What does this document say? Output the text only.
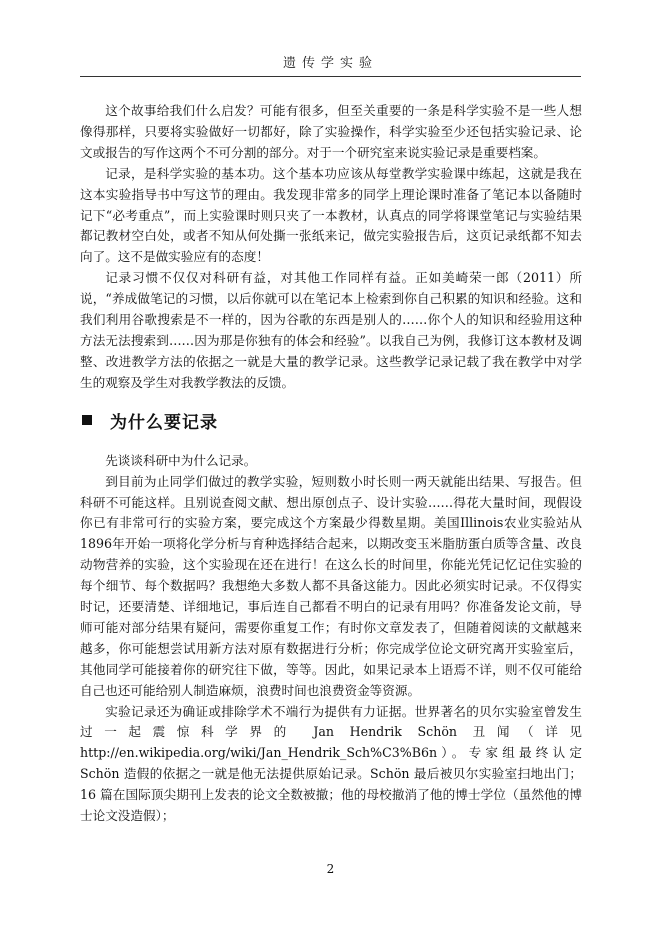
遗传学实验

这个故事给我们什么启发？可能有很多，但至关重要的一条是科学实验不是一些人想像得那样，只要将实验做好一切都好，除了实验操作，科学实验至少还包括实验记录、论文或报告的写作这两个不可分割的部分。对于一个研究室来说实验记录是重要档案。

记录，是科学实验的基本功。这个基本功应该从每堂教学实验课中练起，这就是我在这本实验指导书中写这节的理由。我发现非常多的同学上理论课时准备了笔记本以备随时记下“必考重点”，而上实验课时则只夹了一本教材，认真点的同学将课堂笔记与实验结果都记教材空白处，或者不知从何处撕一张纸来记，做完实验报告后，这页记录纸都不知去向了。这不是做实验应有的态度！

记录习惯不仅仅对科研有益，对其他工作同样有益。正如美崎荣一郎（2011）所说，“养成做笔记的习惯，以后你就可以在笔记本上检索到你自己积累的知识和经验。这和我们利用谷歌搜索是不一样的，因为谷歌的东西是别人的……你个人的知识和经验用这种方法无法搜索到……因为那是你独有的体会和经验”。以我自己为例，我修订这本教材及调整、改进教学方法的依据之一就是大量的教学记录。这些教学记录记载了我在教学中对学生的观察及学生对我教学教法的反馈。

为什么要记录

先谈谈科研中为什么记录。

到目前为止同学们做过的教学实验，短则数小时长则一两天就能出结果、写报告。但科研不可能这样。且别说查阅文献、想出原创点子、设计实验……得花大量时间，现假设你已有非常可行的实验方案，要完成这个方案最少得数星期。美国Illinois农业实验站从1896年开始一项将化学分析与育种选择结合起来，以期改变玉米脂肪蛋白质等含量、改良动物营养的实验，这个实验现在还在进行！在这么长的时间里，你能光凭记忆记住实验的每个细节、每个数据吗？我想绝大多数人都不具备这能力。因此必须实时记录。不仅得实时记，还要清楚、详细地记，事后连自己都看不明白的记录有用吗？你准备发论文前，导师可能对部分结果有疑问，需要你重复工作；有时你文章发表了，但随着阅读的文献越来越多，你可能想尝试用新方法对原有数据进行分析；你完成学位论文研究离开实验室后，其他同学可能接着你的研究往下做，等等。因此，如果记录本上语焉不详，则不仅可能给自己也还可能给别人制造麻烦，浪费时间也浪费资金等资源。

实验记录还为确证或排除学术不端行为提供有力证据。世界著名的贝尔实验室曾发生过一起震惊科学界的 Jan Hendrik Schön 丑闻（详见 http://en.wikipedia.org/wiki/Jan_Hendrik_Sch%C3%B6n）。专家组最终认定 Schön 造假的依据之一就是他无法提供原始记录。Schön 最后被贝尔实验室扫地出门；16 篇在国际顶尖期刊上发表的论文全数被撤；他的母校撤消了他的博士学位（虽然他的博士论文没造假）；

2
